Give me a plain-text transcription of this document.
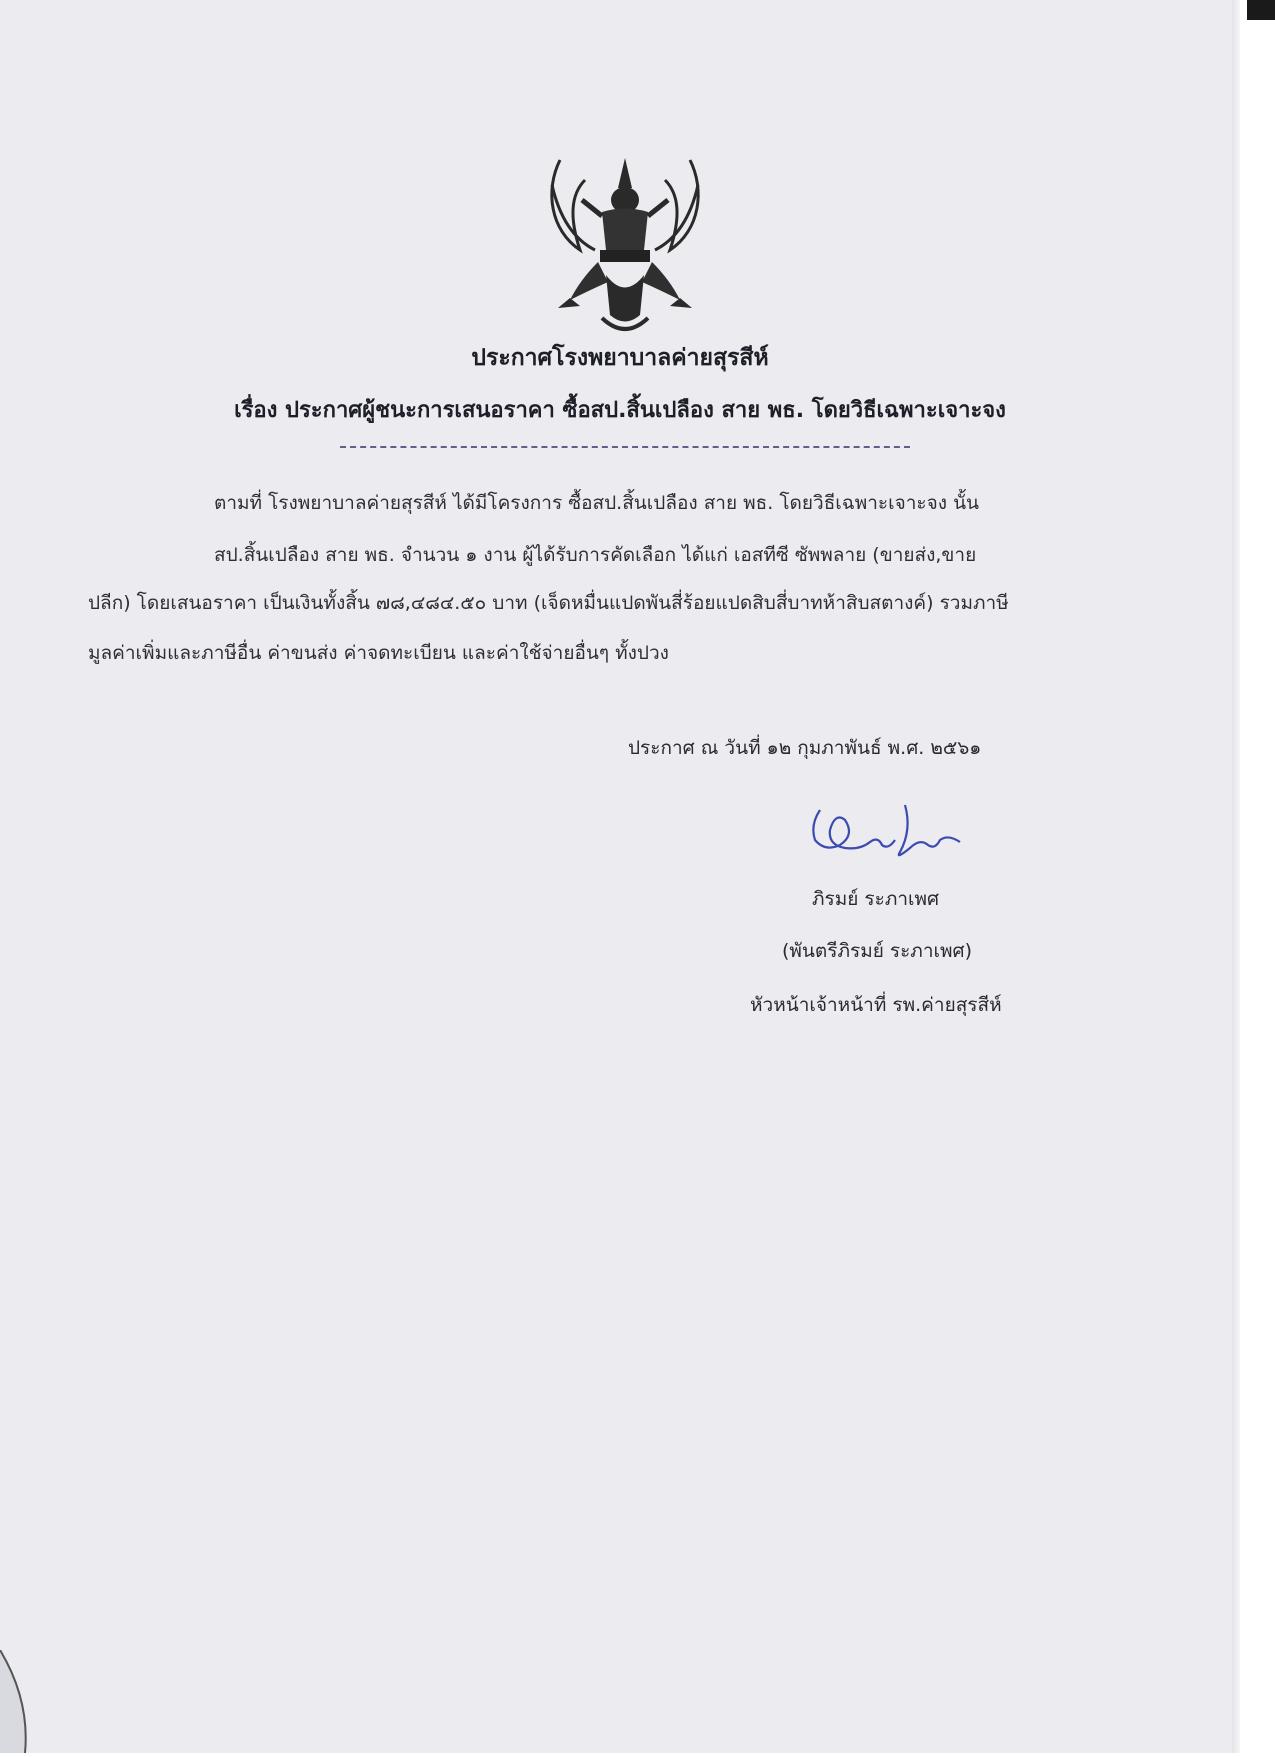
ประกาศโรงพยาบาลค่ายสุรสีห์
เรื่อง ประกาศผู้ชนะการเสนอราคา ซื้อสป.สิ้นเปลือง สาย พธ. โดยวิธีเฉพาะเจาะจง
ตามที่ โรงพยาบาลค่ายสุรสีห์ ได้มีโครงการ ซื้อสป.สิ้นเปลือง สาย พธ. โดยวิธีเฉพาะเจาะจง นั้น
สป.สิ้นเปลือง สาย พธ. จำนวน ๑ งาน ผู้ได้รับการคัดเลือก ได้แก่ เอสทีซี ซัพพลาย (ขายส่ง,ขาย
ปลีก) โดยเสนอราคา เป็นเงินทั้งสิ้น ๗๘,๔๘๔.๕๐ บาท (เจ็ดหมื่นแปดพันสี่ร้อยแปดสิบสี่บาทห้าสิบสตางค์) รวมภาษี
มูลค่าเพิ่มและภาษีอื่น ค่าขนส่ง ค่าจดทะเบียน และค่าใช้จ่ายอื่นๆ ทั้งปวง
ประกาศ ณ วันที่ ๑๒ กุมภาพันธ์ พ.ศ. ๒๕๖๑
ภิรมย์ ระภาเพศ
(พันตรีภิรมย์ ระภาเพศ)
หัวหน้าเจ้าหน้าที่ รพ.ค่ายสุรสีห์
